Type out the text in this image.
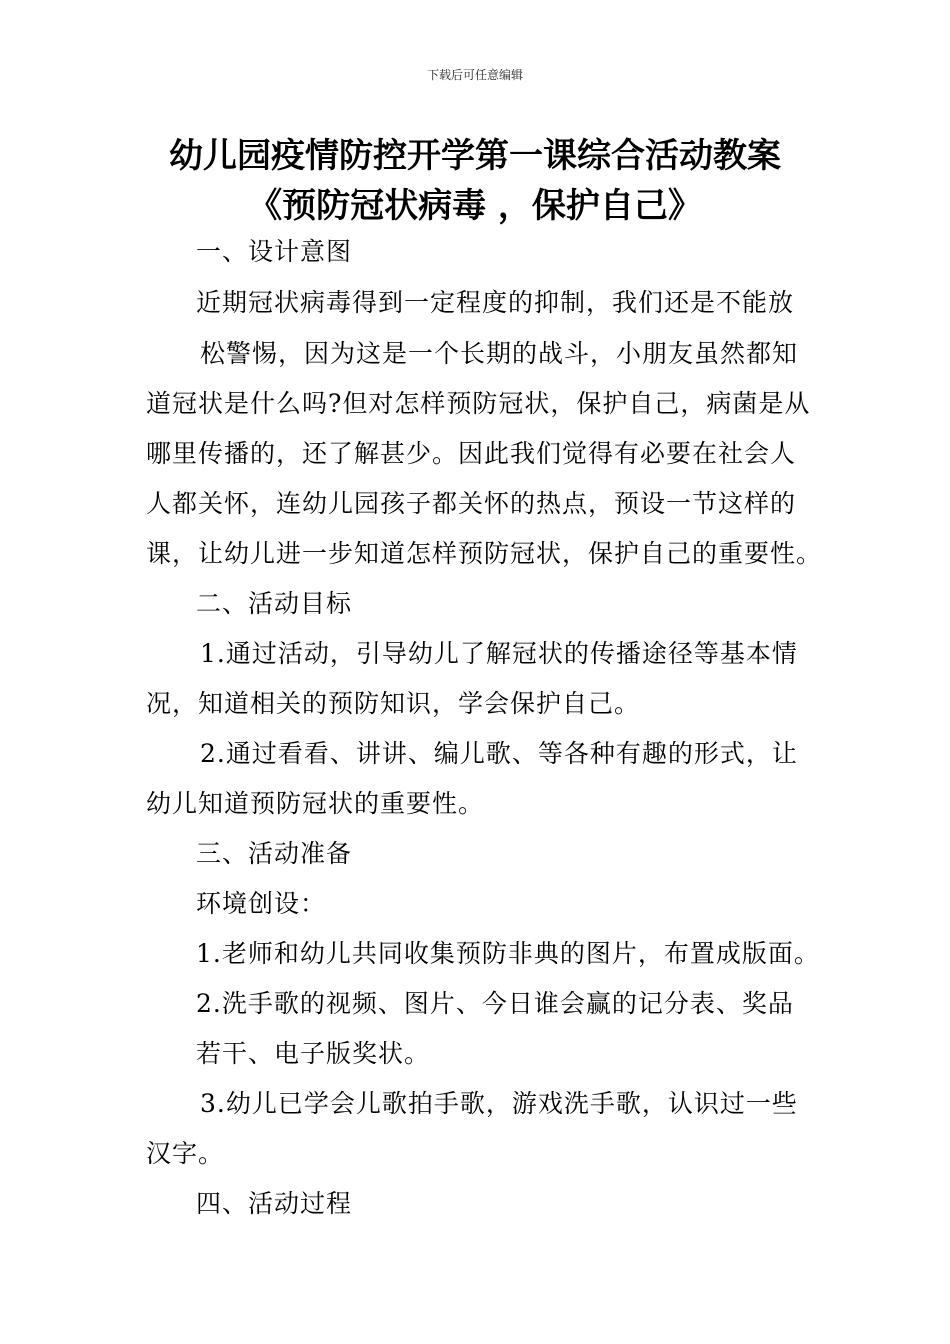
下载后可任意编辑
幼儿园疫情防控开学第一课综合活动教案
《预防冠状病毒 ，保护自己》
一、设计意图
近期冠状病毒得到一定程度的抑制，我们还是不能放
松警惕，因为这是一个长期的战斗，小朋友虽然都知
道冠状是什么吗?但对怎样预防冠状，保护自己，病菌是从
哪里传播的，还了解甚少。因此我们觉得有必要在社会人
人都关怀，连幼儿园孩子都关怀的热点，预设一节这样的
课，让幼儿进一步知道怎样预防冠状，保护自己的重要性。
二、活动目标
1.通过活动，引导幼儿了解冠状的传播途径等基本情
况，知道相关的预防知识，学会保护自己。
2.通过看看、讲讲、编儿歌、等各种有趣的形式，让
幼儿知道预防冠状的重要性。
三、活动准备
环境创设：
1.老师和幼儿共同收集预防非典的图片，布置成版面。
2.洗手歌的视频、图片、今日谁会赢的记分表、奖品
若干、电子版奖状。
3.幼儿已学会儿歌拍手歌，游戏洗手歌，认识过一些
汉字。
四、活动过程
